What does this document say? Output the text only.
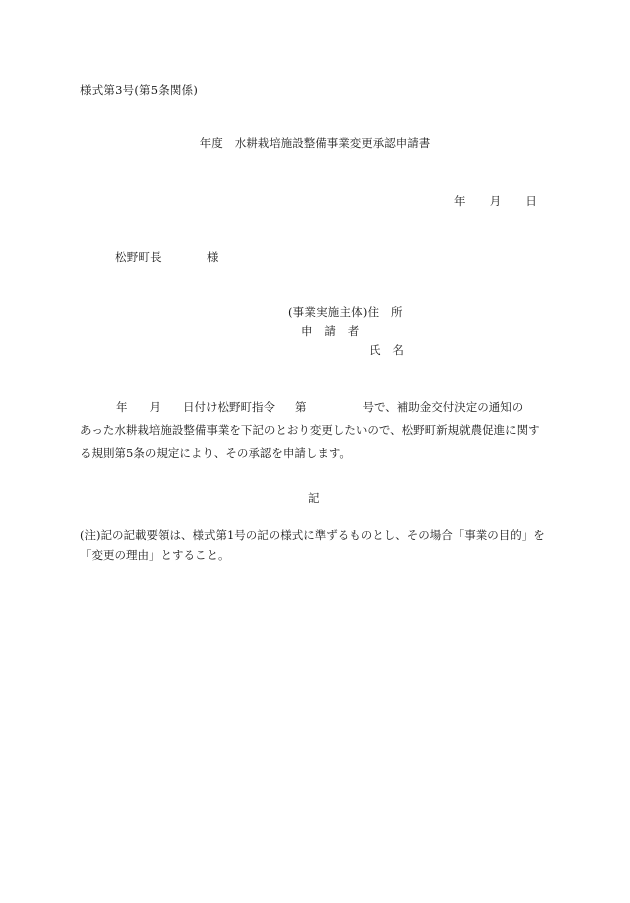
様式第3号(第5条関係)
年度 水耕栽培施設整備事業変更承認申請書
年 月 日
松野町長	様
(事業実施主体)住　所
申　請　者
氏　名
年 月 日付け松野町指令 第	号で、補助金交付決定の通知の
あった水耕栽培施設整備事業を下記のとおり変更したいので、松野町新規就農促進に関す
る規則第5条の規定により、その承認を申請します。
記
(注)記の記載要領は、様式第1号の記の様式に準ずるものとし、その場合「事業の目的」を
「変更の理由」とすること。
